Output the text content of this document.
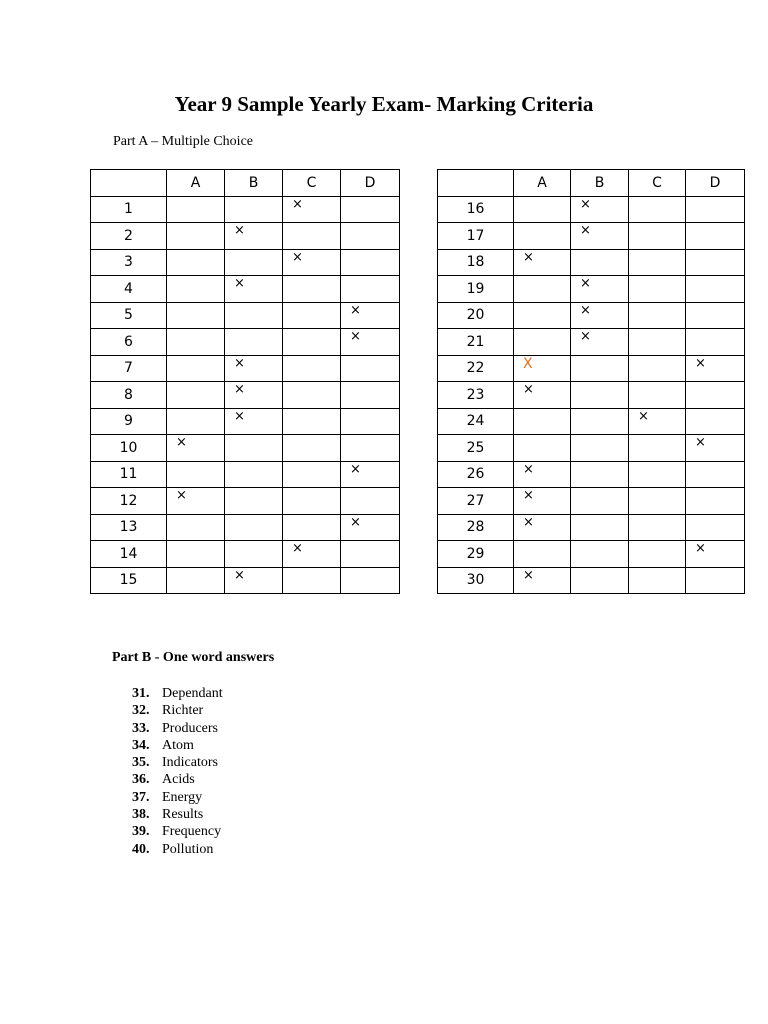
Year 9 Sample Yearly Exam- Marking Criteria
Part A – Multiple Choice
	A	B	C	D
1			×	

2		×		

3			×	

4		×		

5				×

6				×

7		×		

8		×		

9		×		

10	×			

11				×

12	×			

13				×

14			×	

15		×		

	A	B	C	D
16		×		

17		×		

18	×			

19		×		

20		×		

21		×		

22	X			×

23	×			

24			×	

25				×

26	×			

27	×			

28	×			

29				×

30	×			

Part B - One word answers
31. Dependant
32. Richter
33. Producers
34. Atom
35. Indicators
36. Acids
37. Energy
38. Results
39. Frequency
40. Pollution
